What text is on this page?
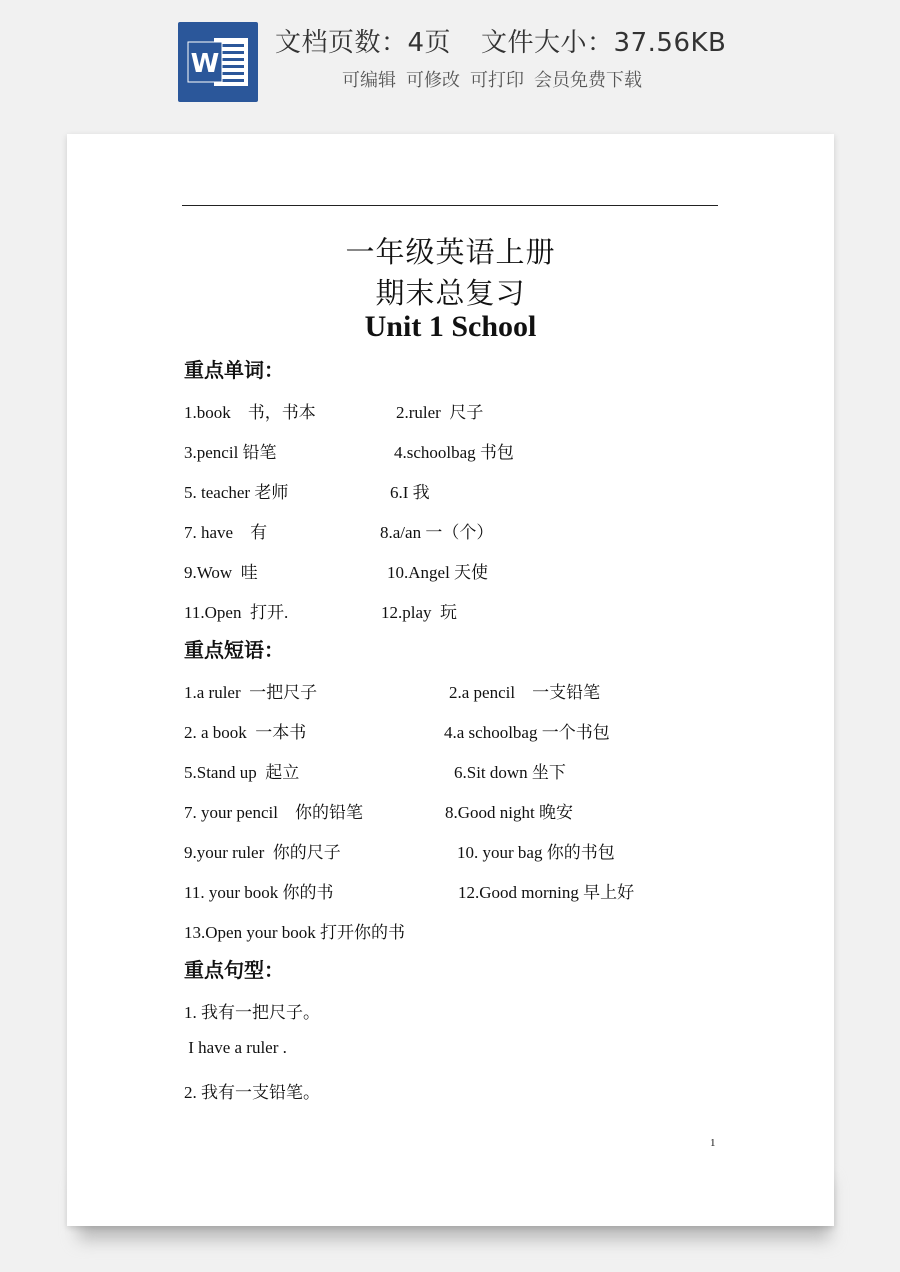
W
文档页数：4页 文件大小：37.56KB
可编辑 可修改 可打印 会员免费下载
一年级英语上册
期末总复习
Unit 1 School
重点单词：
1.book　书，书本	2.ruler  尺子
3.pencil 铅笔	4.schoolbag 书包
5. teacher 老师	6.I 我
7. have　有	8.a/an 一（个）
9.Wow  哇	10.Angel 天使
11.Open  打开.	12.play  玩
重点短语：
1.a ruler  一把尺子	2.a pencil　一支铅笔
2. a book  一本书	4.a schoolbag 一个书包
5.Stand up  起立	6.Sit down 坐下
7. your pencil　你的铅笔	8.Good night 晚安
9.your ruler  你的尺子	10. your bag 你的书包
11. your book 你的书	12.Good morning 早上好
13.Open your book 打开你的书
重点句型：
1. 我有一把尺子。
I have a ruler .
2. 我有一支铅笔。
1
